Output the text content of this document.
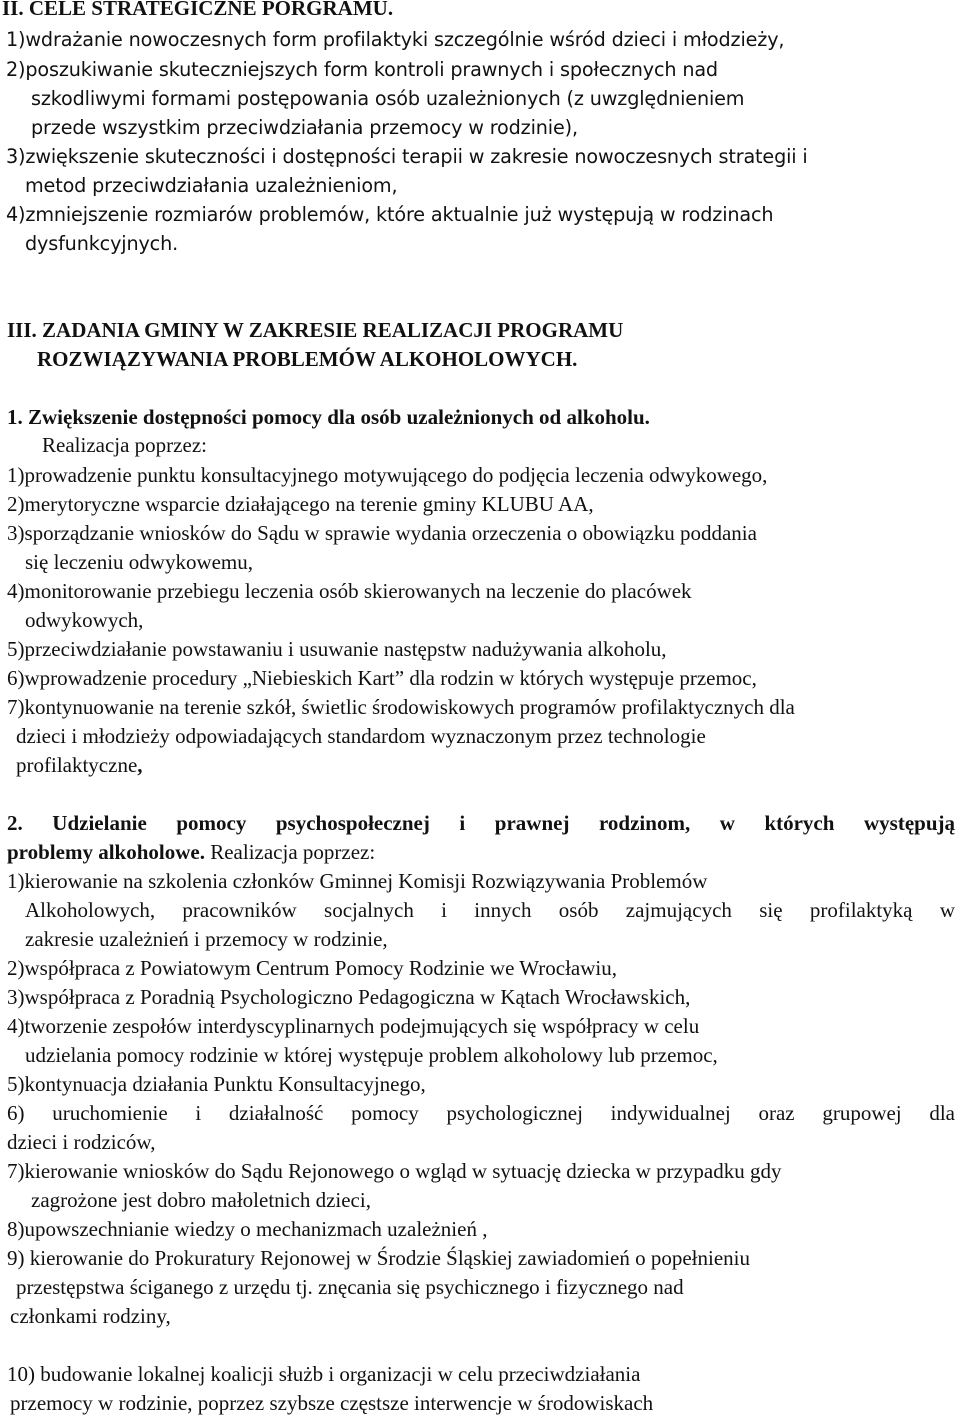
II. CELE STRATEGICZNE PORGRAMU.
1)wdrażanie nowoczesnych form profilaktyki szczególnie wśród dzieci i młodzieży,
2)poszukiwanie skuteczniejszych form kontroli prawnych i społecznych nad
szkodliwymi formami postępowania osób uzależnionych (z uwzględnieniem
przede wszystkim przeciwdziałania przemocy w rodzinie),
3)zwiększenie skuteczności i dostępności terapii w zakresie nowoczesnych strategii i
metod przeciwdziałania uzależnieniom,
4)zmniejszenie rozmiarów problemów, które aktualnie już występują w rodzinach
dysfunkcyjnych.
III. ZADANIA GMINY W ZAKRESIE REALIZACJI PROGRAMU
ROZWIĄZYWANIA PROBLEMÓW ALKOHOLOWYCH.
1. Zwiększenie dostępności pomocy dla osób uzależnionych od alkoholu.
Realizacja poprzez:
1)prowadzenie punktu konsultacyjnego motywującego do podjęcia leczenia odwykowego,
2)merytoryczne wsparcie działającego na terenie gminy KLUBU AA,
3)sporządzanie wniosków do Sądu w sprawie wydania orzeczenia o obowiązku poddania
się leczeniu odwykowemu,
4)monitorowanie przebiegu leczenia osób skierowanych na leczenie do placówek
odwykowych,
5)przeciwdziałanie powstawaniu i usuwanie następstw nadużywania alkoholu,
6)wprowadzenie procedury „Niebieskich Kart” dla rodzin w których występuje przemoc,
7)kontynuowanie na terenie szkół, świetlic środowiskowych programów profilaktycznych dla
dzieci i młodzieży odpowiadających standardom wyznaczonym przez technologie
profilaktyczne,
2. Udzielanie pomocy psychospołecznej i prawnej rodzinom, w których występują
problemy alkoholowe. Realizacja poprzez:
1)kierowanie na szkolenia członków Gminnej Komisji Rozwiązywania Problemów
Alkoholowych, pracowników socjalnych i innych osób zajmujących się profilaktyką w
zakresie uzależnień i przemocy w rodzinie,
2)współpraca z Powiatowym Centrum Pomocy Rodzinie we Wrocławiu,
3)współpraca z Poradnią Psychologiczno Pedagogiczna w Kątach Wrocławskich,
4)tworzenie zespołów interdyscyplinarnych podejmujących się współpracy w celu
udzielania pomocy rodzinie w której występuje problem alkoholowy lub przemoc,
5)kontynuacja działania Punktu Konsultacyjnego,
6) uruchomienie i działalność pomocy psychologicznej indywidualnej oraz grupowej dla
dzieci i rodziców,
7)kierowanie wniosków do Sądu Rejonowego o wgląd w sytuację dziecka w przypadku gdy
zagrożone jest dobro małoletnich dzieci,
8)upowszechnianie wiedzy o mechanizmach uzależnień ,
9) kierowanie do Prokuratury Rejonowej w Środzie Śląskiej zawiadomień o popełnieniu
przestępstwa ściganego z urzędu tj. znęcania się psychicznego i fizycznego nad
członkami rodziny,
10) budowanie lokalnej koalicji służb i organizacji w celu przeciwdziałania
przemocy w rodzinie, poprzez szybsze częstsze interwencje w środowiskach
